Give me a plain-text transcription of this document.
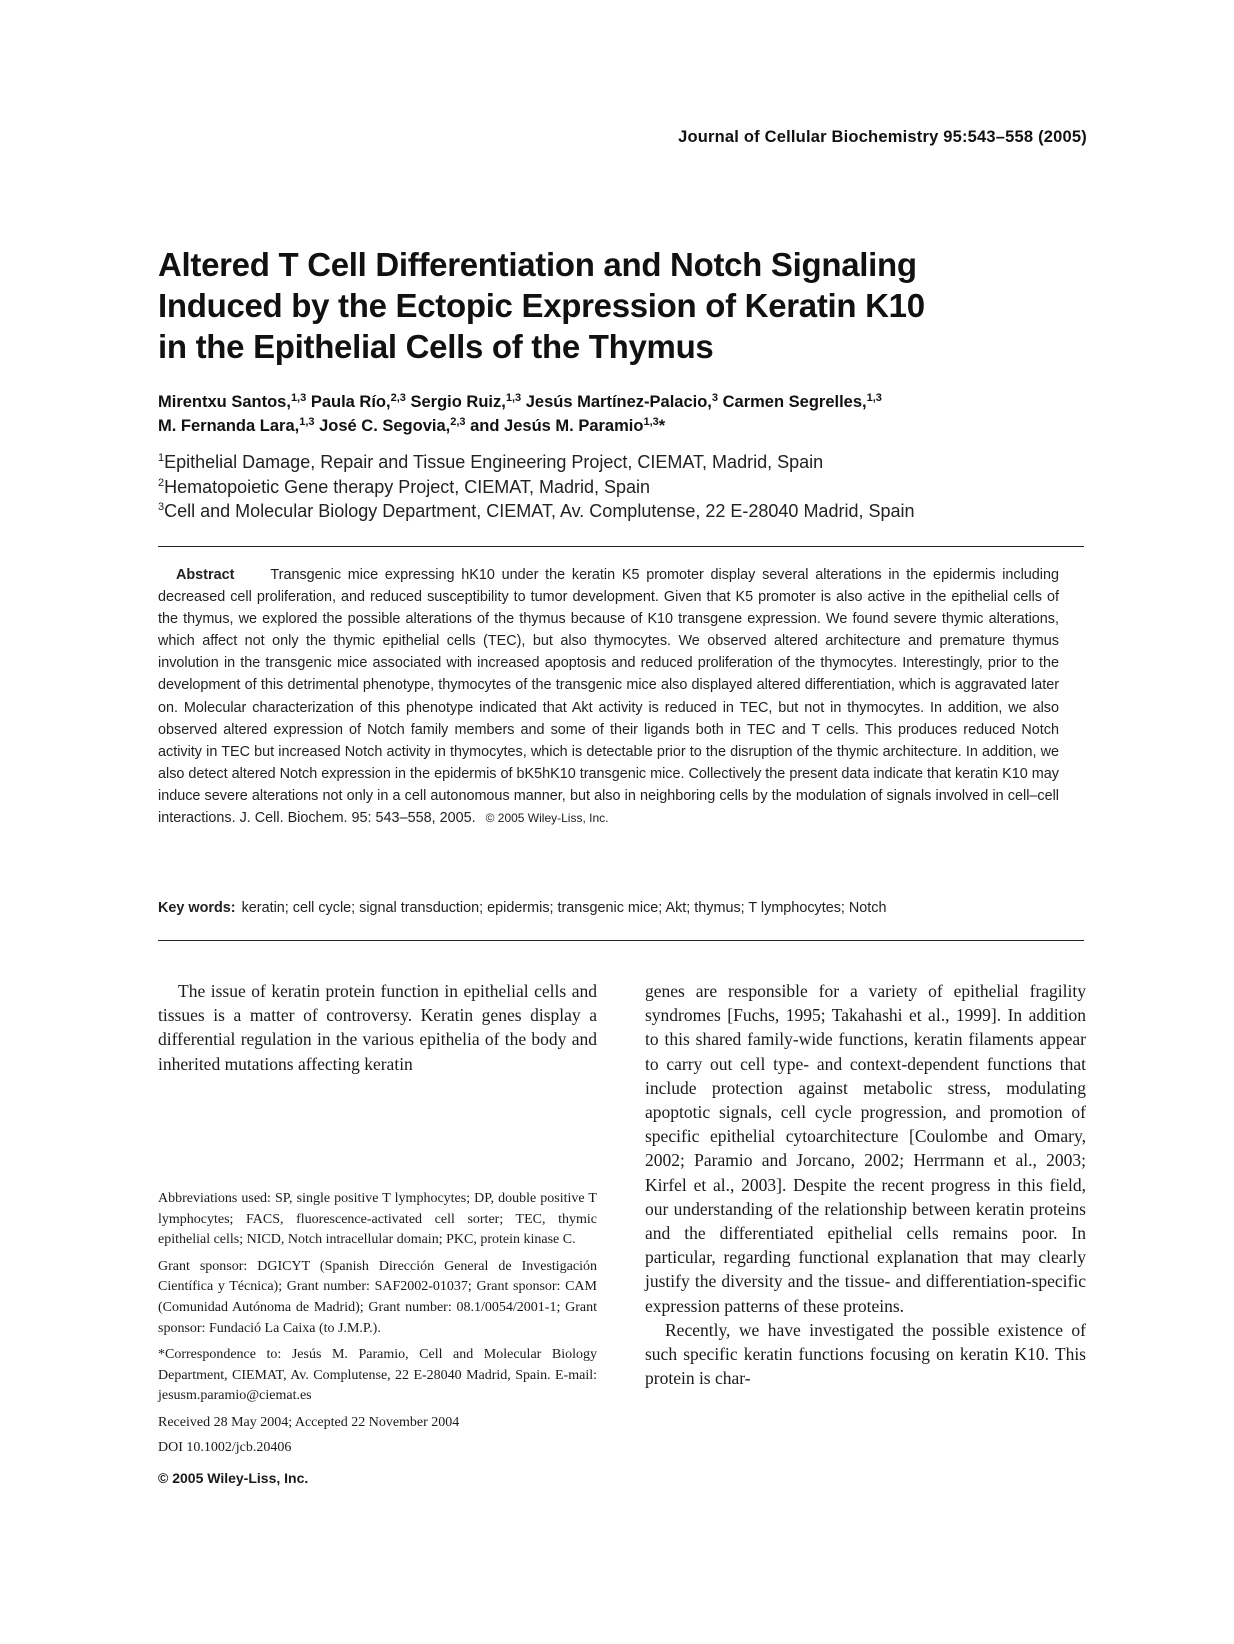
Journal of Cellular Biochemistry 95:543–558 (2005)
Altered T Cell Differentiation and Notch Signaling
Induced by the Ectopic Expression of Keratin K10
in the Epithelial Cells of the Thymus
Mirentxu Santos,$^{1,3}$ Paula Río,$^{2,3}$ Sergio Ruiz,$^{1,3}$ Jesús Martínez-Palacio,$^3$ Carmen Segrelles,$^{1,3}$
M. Fernanda Lara,$^{1,3}$ José C. Segovia,$^{2,3}$ and Jesús M. Paramio$^{1,3}$*
$^1$Epithelial Damage, Repair and Tissue Engineering Project, CIEMAT, Madrid, Spain
$^2$Hematopoietic Gene therapy Project, CIEMAT, Madrid, Spain
$^3$Cell and Molecular Biology Department, CIEMAT, Av. Complutense, 22 E-28040 Madrid, Spain
Abstract	Transgenic mice expressing hK10 under the keratin K5 promoter display several alterations in the epidermis including decreased cell proliferation, and reduced susceptibility to tumor development. Given that K5 promoter is also active in the epithelial cells of the thymus, we explored the possible alterations of the thymus because of K10 transgene expression. We found severe thymic alterations, which affect not only the thymic epithelial cells (TEC), but also thymocytes. We observed altered architecture and premature thymus involution in the transgenic mice associated with increased apoptosis and reduced proliferation of the thymocytes. Interestingly, prior to the development of this detrimental phenotype, thymocytes of the transgenic mice also displayed altered differentiation, which is aggravated later on. Molecular characterization of this phenotype indicated that Akt activity is reduced in TEC, but not in thymocytes. In addition, we also observed altered expression of Notch family members and some of their ligands both in TEC and T cells. This produces reduced Notch activity in TEC but increased Notch activity in thymocytes, which is detectable prior to the disruption of the thymic architecture. In addition, we also detect altered Notch expression in the epidermis of bK5hK10 transgenic mice. Collectively the present data indicate that keratin K10 may induce severe alterations not only in a cell autonomous manner, but also in neighboring cells by the modulation of signals involved in cell–cell interactions. J. Cell. Biochem. 95: 543–558, 2005. © 2005 Wiley-Liss, Inc.
Key words: keratin; cell cycle; signal transduction; epidermis; transgenic mice; Akt; thymus; T lymphocytes; Notch

The issue of keratin protein function in epithelial cells and tissues is a matter of controversy. Keratin genes display a differential regulation in the various epithelia of the body and inherited mutations affecting keratin

Abbreviations used: SP, single positive T lymphocytes; DP, double positive T lymphocytes; FACS, fluorescence-activated cell sorter; TEC, thymic epithelial cells; NICD, Notch intracellular domain; PKC, protein kinase C.

Grant sponsor: DGICYT (Spanish Dirección General de Investigación Científica y Técnica); Grant number: SAF2002-01037; Grant sponsor: CAM (Comunidad Autónoma de Madrid); Grant number: 08.1/0054/2001-1; Grant sponsor: Fundació La Caixa (to J.M.P.).

*Correspondence to: Jesús M. Paramio, Cell and Molecular Biology Department, CIEMAT, Av. Complutense, 22 E-28040 Madrid, Spain. E-mail: jesusm.paramio@ciemat.es

Received 28 May 2004; Accepted 22 November 2004

DOI 10.1002/jcb.20406

© 2005 Wiley-Liss, Inc.

genes are responsible for a variety of epithelial fragility syndromes [Fuchs, 1995; Takahashi et al., 1999]. In addition to this shared family-wide functions, keratin filaments appear to carry out cell type- and context-dependent functions that include protection against metabolic stress, modulating apoptotic signals, cell cycle progression, and promotion of specific epithelial cytoarchitecture [Coulombe and Omary, 2002; Paramio and Jorcano, 2002; Herrmann et al., 2003; Kirfel et al., 2003]. Despite the recent progress in this field, our understanding of the relationship between keratin proteins and the differentiated epithelial cells remains poor. In particular, regarding functional explanation that may clearly justify the diversity and the tissue- and differentiation-specific expression patterns of these proteins.

Recently, we have investigated the possible existence of such specific keratin functions focusing on keratin K10. This protein is char-
